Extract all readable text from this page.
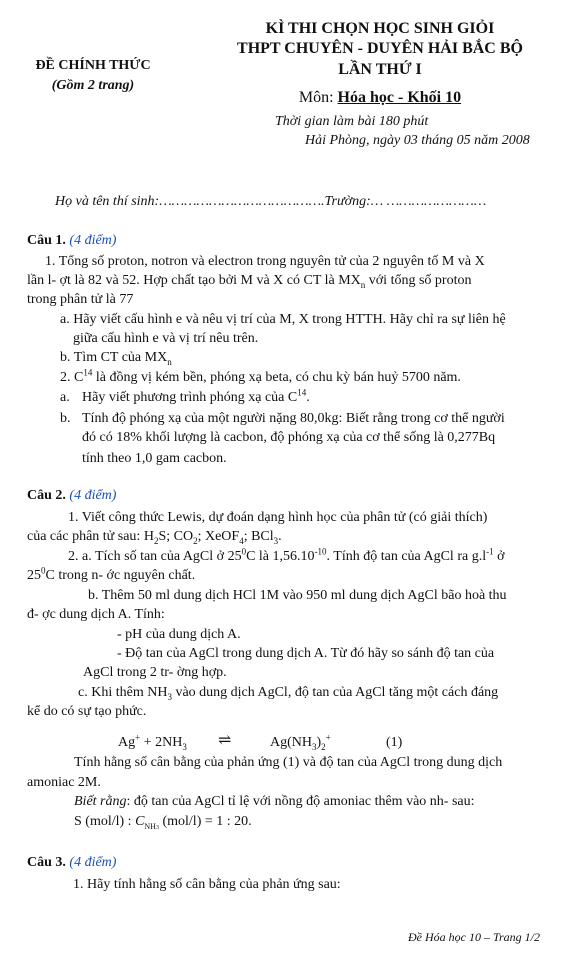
ĐỀ CHÍNH THỨC
(Gồm 2 trang)
KÌ THI CHỌN HỌC SINH GIỎI
THPT CHUYÊN - DUYÊN HẢI BẮC BỘ
LẦN THỨ I
Môn: Hóa học - Khối 10
Thời gian làm bài 180 phút
Hải Phòng, ngày 03 tháng 05 năm 2008
Họ và tên thí sinh:………………………………….Trường:… ……………………
Câu 1. (4 điểm)
1. Tổng số proton, notron và electron trong nguyên tử của 2 nguyên tố M và X
lần l- ợt là 82 và 52. Hợp chất tạo bởi M và X có CT là $MX_n$ với tổng số proton
trong phân tử là 77
a. Hãy viết cấu hình e và nêu vị trí của M, X trong HTTH. Hãy chỉ ra sự liên hệ
giữa cấu hình e và vị trí nêu trên.
b. Tìm CT của $MX_n$
2. $C^{14}$ là đồng vị kém bền, phóng xạ beta, có chu kỳ bán huỷ 5700 năm.
a. Hãy viết phương trình phóng xạ của $C^{14}$.
b. Tính độ phóng xạ của một người nặng 80,0kg: Biết rằng trong cơ thể người
đó có 18% khối lượng là cacbon, độ phóng xạ của cơ thể sống là 0,277Bq
tính theo 1,0 gam cacbon.
Câu 2. (4 điểm)
1. Viết công thức Lewis, dự đoán dạng hình học của phân tử (có giải thích)
của các phân tử sau: $H_2S$; $CO_2$; XeOF$_4$; BCl$_3$.
2. a. Tích số tan của AgCl ở $25^0C$ là $1,56.10^{-10}$. Tính độ tan của AgCl ra $g.l^{-1}$ ở
$25^0C$ trong n- ớc nguyên chất.
b. Thêm 50 ml dung dịch HCl 1M vào 950 ml dung dịch AgCl bão hoà thu
đ- ợc dung dịch A. Tính:
- pH của dung dịch A.
- Độ tan của AgCl trong dung dịch A. Từ đó hãy so sánh độ tan của
AgCl trong 2 tr- ờng hợp.
c. Khi thêm $NH_3$ vào dung dịch AgCl, độ tan của AgCl tăng một cách đáng
kể do có sự tạo phức.
$Ag^+ + 2NH_3$ ⇌	$Ag(NH_3)_2^+$	(1)
Tính hằng số cân bằng của phản ứng (1) và độ tan của AgCl trong dung dịch
amoniac 2M.
Biết rằng: độ tan của AgCl tỉ lệ với nồng độ amoniac thêm vào nh- sau:
S (mol/l) : $C_{NH3}$ (mol/l) = 1 : 20.
Câu 3. (4 điểm)
1. Hãy tính hằng số cân bằng của phản ứng sau:
Đề Hóa học 10 – Trang 1/2
